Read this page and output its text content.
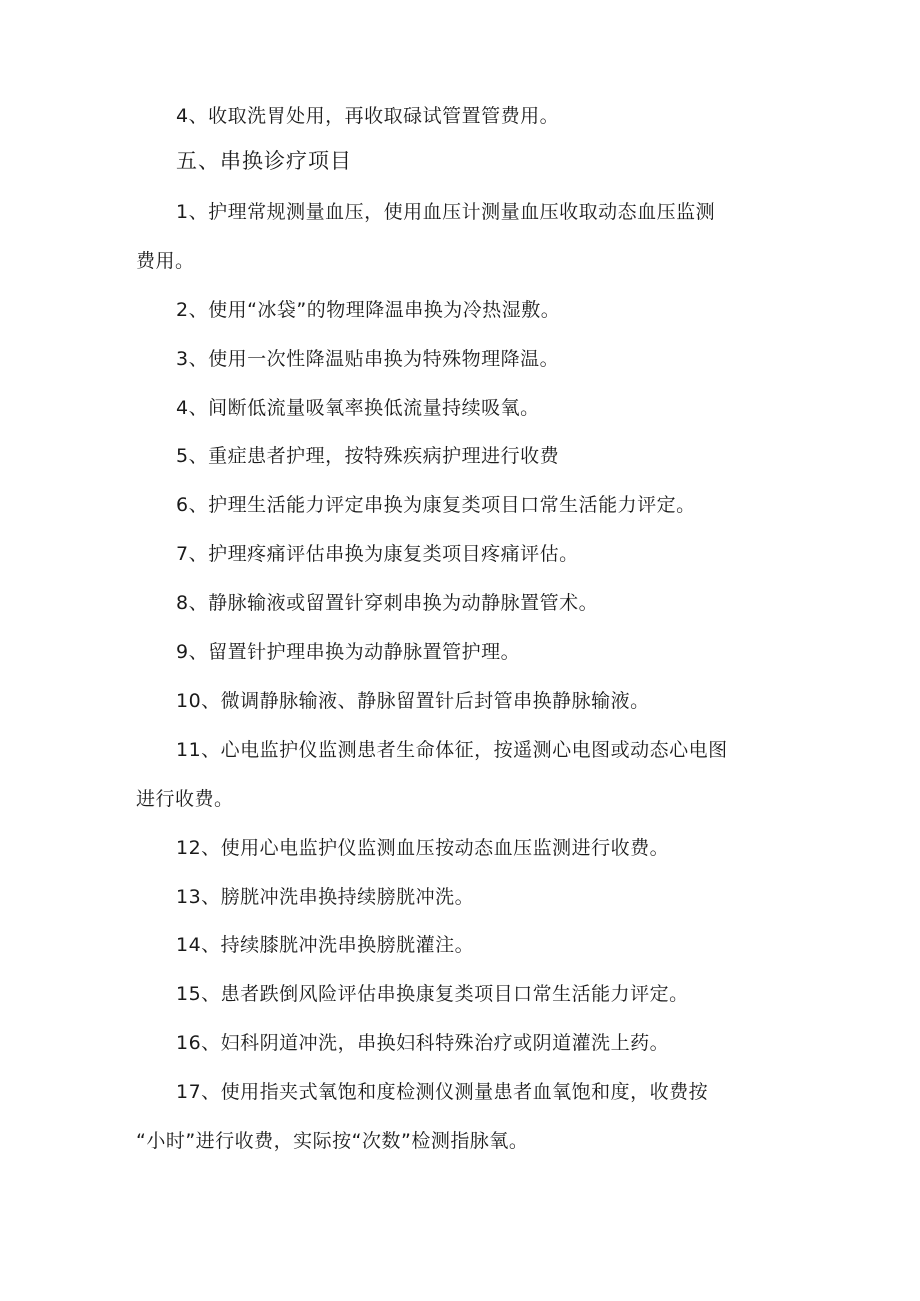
4、收取洗胃处用，再收取碌试管置管费用。
五、串换诊疗项目
1、护理常规测量血压，使用血压计测量血压收取动态血压监测
费用。
2、使用“冰袋”的物理降温串换为冷热湿敷。
3、使用一次性降温贴串换为特殊物理降温。
4、间断低流量吸氧率换低流量持续吸氧。
5、重症患者护理，按特殊疾病护理进行收费
6、护理生活能力评定串换为康复类项目口常生活能力评定。
7、护理疼痛评估串换为康复类项目疼痛评估。
8、静脉输液或留置针穿刺串换为动静脉置管术。
9、留置针护理串换为动静脉置管护理。
10、微调静脉输液、静脉留置针后封管串换静脉输液。
11、心电监护仪监测患者生命体征，按遥测心电图或动态心电图
进行收费。
12、使用心电监护仪监测血压按动态血压监测进行收费。
13、膀胱冲洗串换持续膀胱冲洗。
14、持续膝胱冲洗串换膀胱灌注。
15、患者跌倒风险评估串换康复类项目口常生活能力评定。
16、妇科阴道冲洗，串换妇科特殊治疗或阴道灌洗上药。
17、使用指夹式氧饱和度检测仪测量患者血氧饱和度，收费按
“小时”进行收费，实际按“次数”检测指脉氧。
